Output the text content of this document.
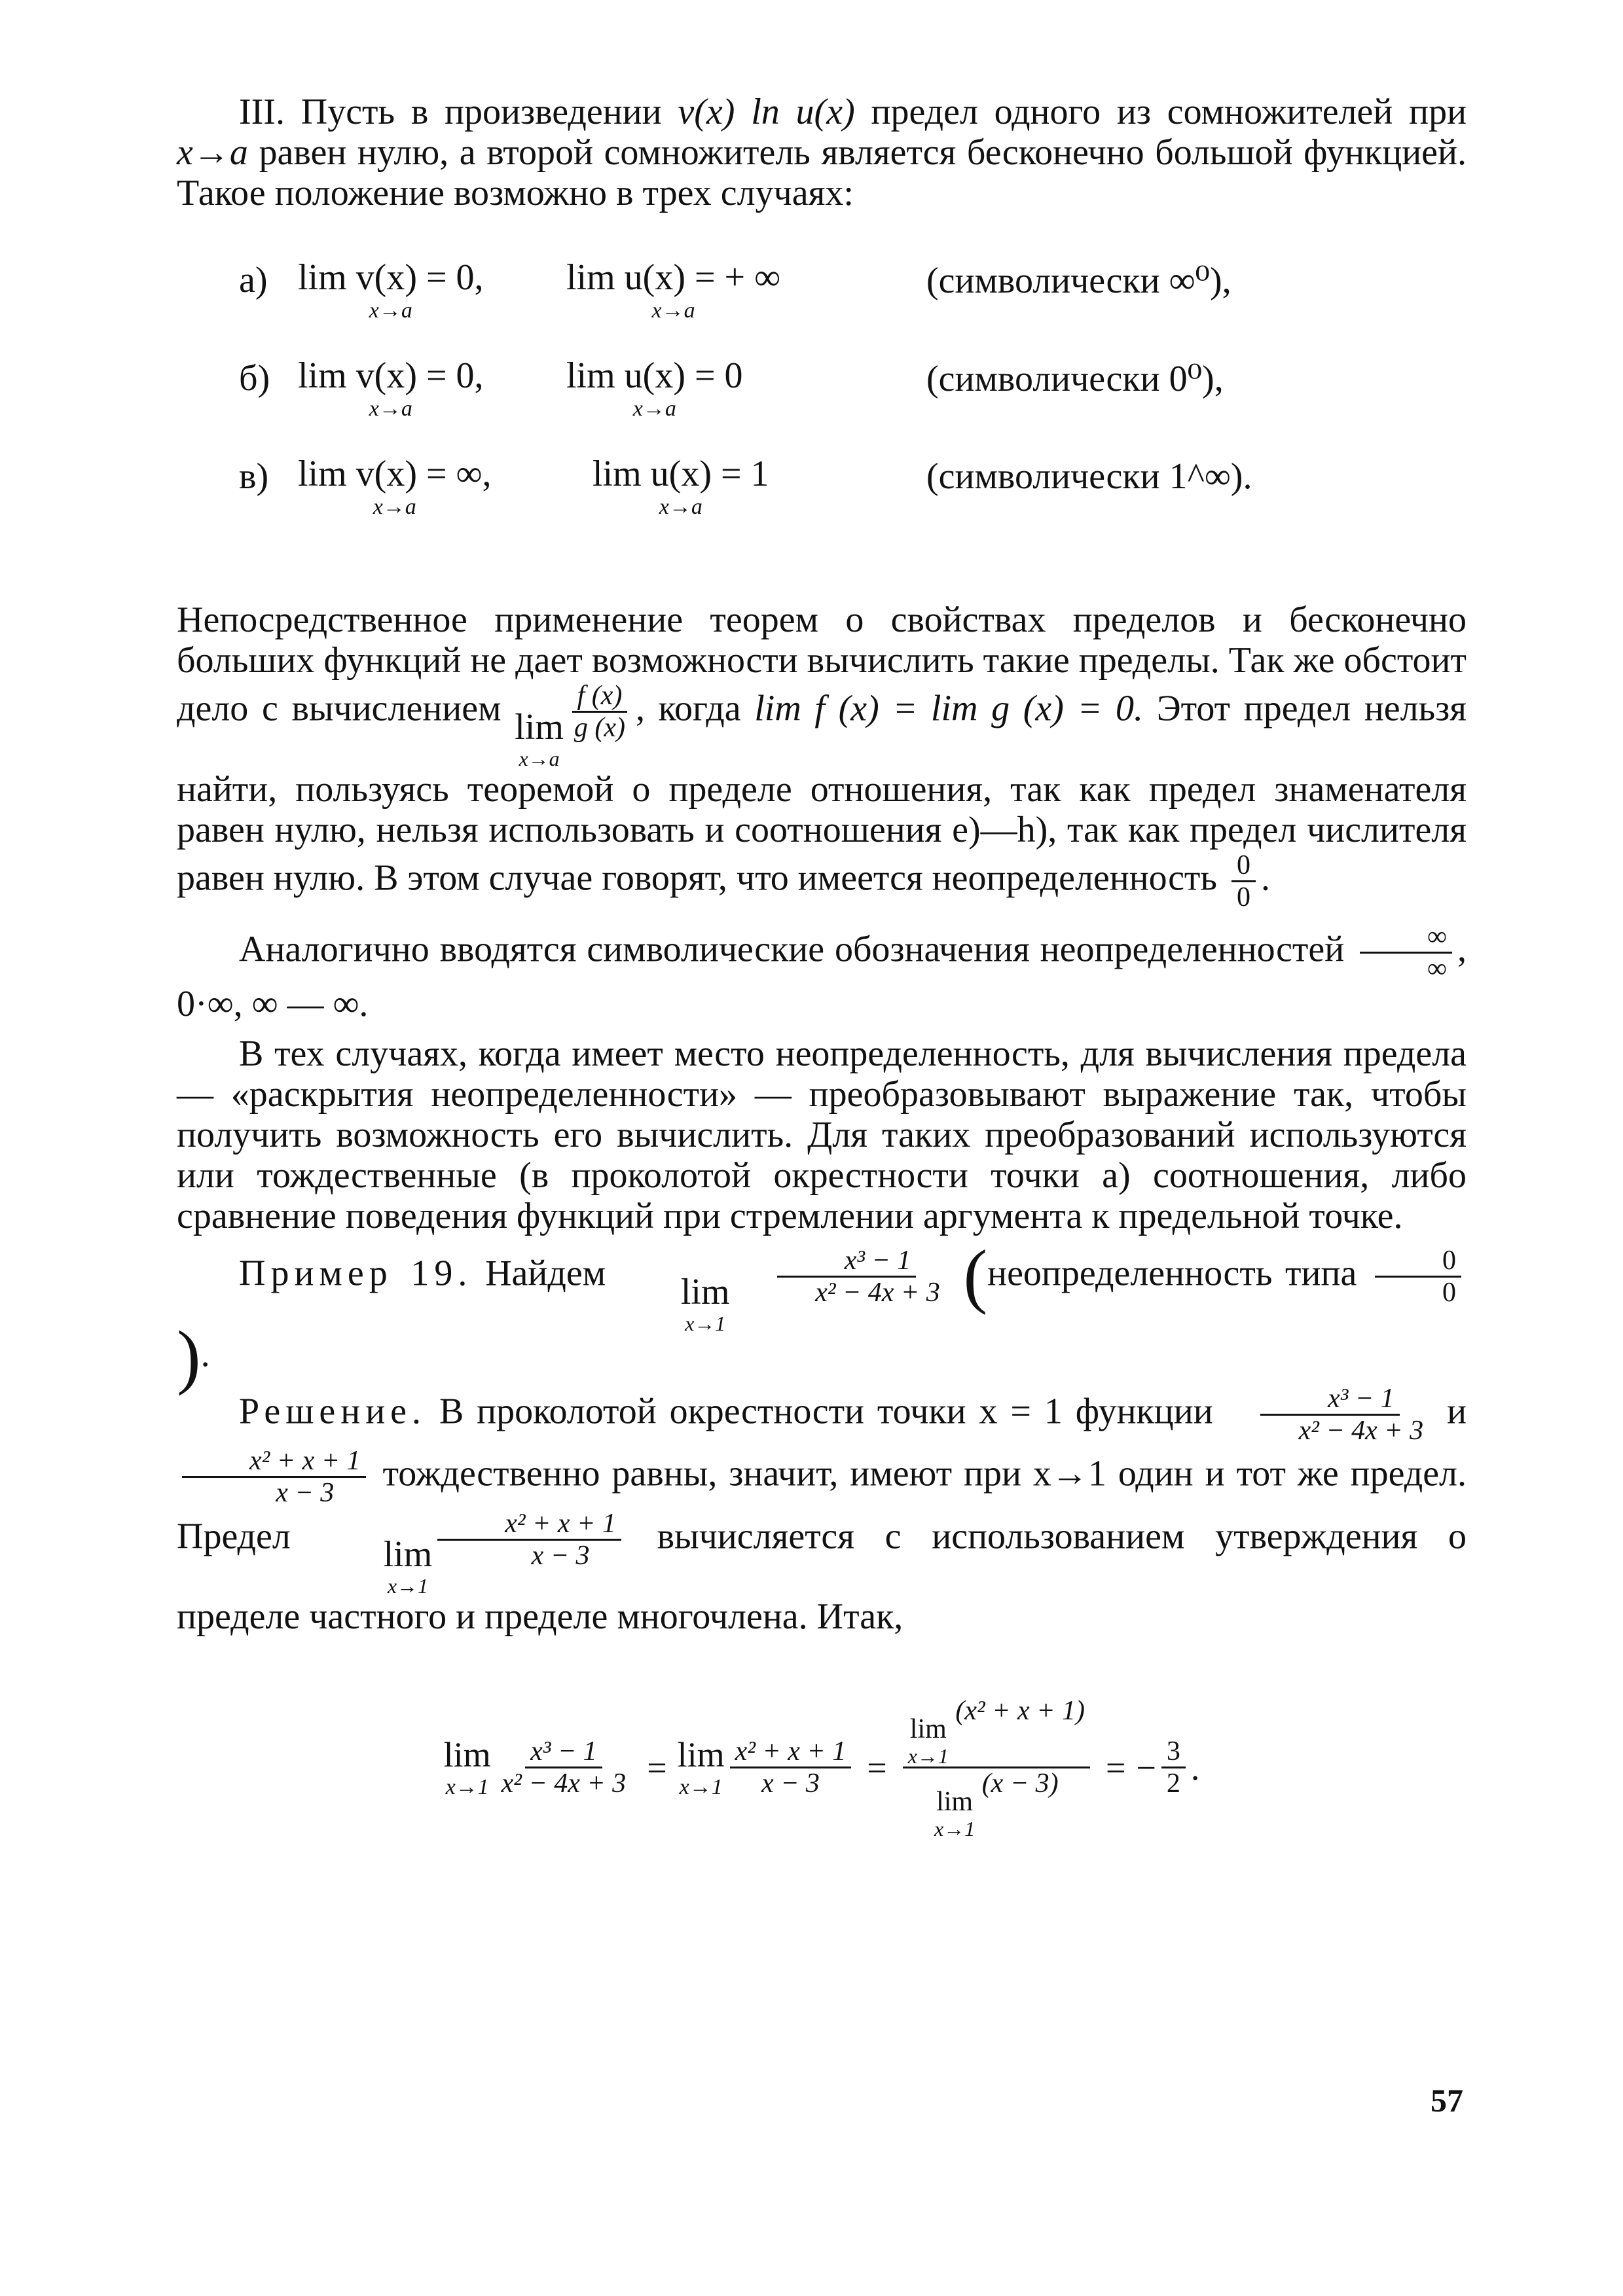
III. Пусть в произведении v(x) ln u(x) предел одного из сомножителей при x→a равен нулю, а второй сомножитель является бесконечно большой функцией. Такое положение возможно в трех случаях:

а) lim v(x) = 0,
x→a
lim u(x) = + ∞
x→a
(символически ∞⁰),
б) lim v(x) = 0,
x→a
lim u(x) = 0
x→a
(символически 0⁰),
в) lim v(x) = ∞,
x→a
lim u(x) = 1
x→a
(символически 1^∞).

Непосредственное применение теорем о свойствах пределов и бесконечно больших функций не дает возможности вычислить такие пределы. Так же обстоит дело с вычислением lim
x→a
$\frac{f (x)}{g (x)}$ , когда lim f (x) = lim g (x) = 0. Этот предел нельзя найти, пользуясь теоремой о пределе отношения, так как предел знаменателя равен нулю, нельзя использовать и соотношения е)—h), так как предел числителя равен нулю. В этом случае говорят, что имеется неопределенность $\frac{0}{0}$ .

Аналогично вводятся символические обозначения неопределенностей $\frac{\infty}{\infty}$ , 0·∞, ∞ — ∞.

В тех случаях, когда имеет место неопределенность, для вычисления предела — «раскрытия неопределенности» — преобразовывают выражение так, чтобы получить возможность его вычислить. Для таких преобразований используются или тождественные (в проколотой окрестности точки a) соотношения, либо сравнение поведения функций при стремлении аргумента к предельной точке.

Пример 19. Найдем	lim
x→1

$\frac{\text{x³ − 1}}{\text{x² − 4x + 3}}$ (неопределенность типа $\frac{0}{0}$
).

Решение. В проколотой окрестности точки x = 1 функции $\frac{\text{x³ − 1}}{\text{x² − 4x + 3}}$ и
$\frac{\text{x² + x + 1}}{x - 3}$ тождественно равны, значит, имеют при x→1 один и тот же предел. Предел	lim
x→1
$\frac{\text{x² + x + 1}}{x - 3}$ вычисляется с использованием утверждения о пределе частного и пределе многочлена. Итак,

lim
$x\to 1 \frac{\text{x³ − 1}}{\text{x² − 4x + 3}} = \lim$
$x\to 1 \frac{\text{x² + x + 1}}{x - 3} = \lim$
x→1
(x² + x + 1)
lim
x→1
(x − 3) = − $\frac{3}{2}$ .
57
